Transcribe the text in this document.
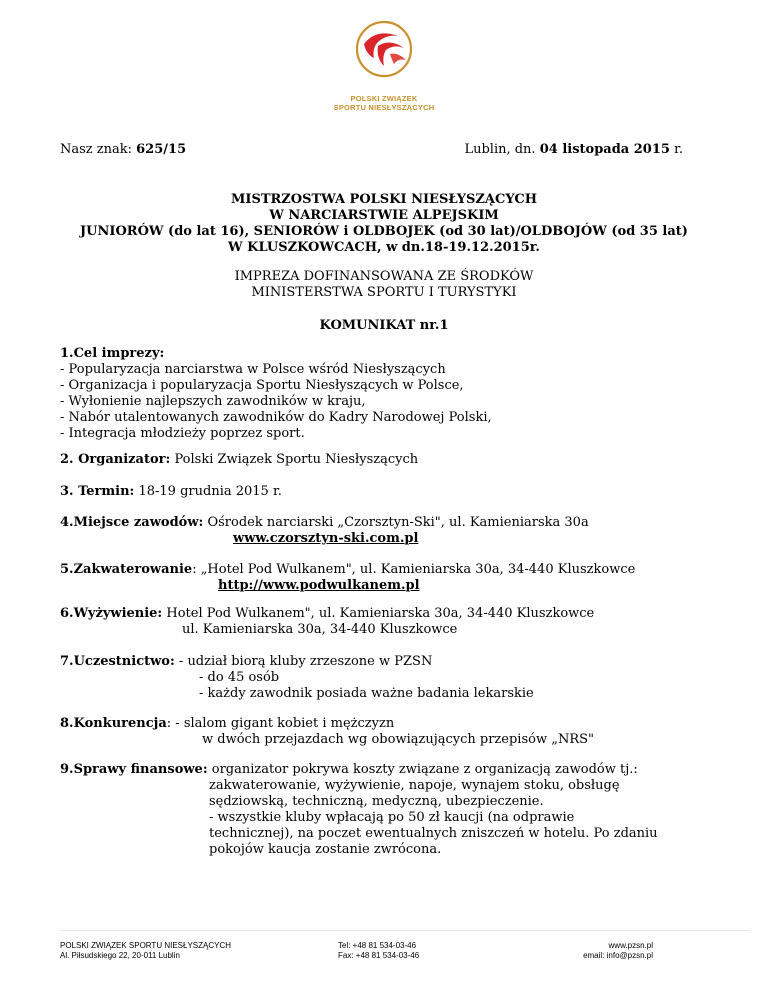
POLSKI ZWIĄZEK
SPORTU NIESŁYSZĄCYCH
Nasz znak: 625/15	Lublin, dn. 04 listopada 2015 r.
MISTRZOSTWA POLSKI NIESŁYSZĄCYCH
W NARCIARSTWIE ALPEJSKIM
JUNIORÓW (do lat 16), SENIORÓW i OLDBOJEK (od 30 lat)/OLDBOJÓW (od 35 lat)
W KLUSZKOWCACH, w dn.18-19.12.2015r.
IMPREZA DOFINANSOWANA ZE ŚRODKÓW
MINISTERSTWA SPORTU I TURYSTYKI
KOMUNIKAT nr.1
1.Cel imprezy:
- Popularyzacja narciarstwa w Polsce wśród Niesłyszących
- Organizacja i popularyzacja Sportu Niesłyszących w Polsce,
- Wyłonienie najlepszych zawodników w kraju,
- Nabór utalentowanych zawodników do Kadry Narodowej Polski,
- Integracja młodzieży poprzez sport.
2. Organizator: Polski Związek Sportu Niesłyszących
3. Termin: 18-19 grudnia 2015 r.
4.Miejsce zawodów: Ośrodek narciarski „Czorsztyn-Ski", ul. Kamieniarska 30a
www.czorsztyn-ski.com.pl
5.Zakwaterowanie: „Hotel Pod Wulkanem", ul. Kamieniarska 30a, 34-440 Kluszkowce
http://www.podwulkanem.pl
6.Wyżywienie: Hotel Pod Wulkanem", ul. Kamieniarska 30a, 34-440 Kluszkowce
ul. Kamieniarska 30a, 34-440 Kluszkowce
7.Uczestnictwo: - udział biorą kluby zrzeszone w PZSN
- do 45 osób
- każdy zawodnik posiada ważne badania lekarskie
8.Konkurencja: - slalom gigant kobiet i mężczyzn
w dwóch przejazdach wg obowiązujących przepisów „NRS"
9.Sprawy finansowe: organizator pokrywa koszty związane z organizacją zawodów tj.:
zakwaterowanie, wyżywienie, napoje, wynajem stoku, obsługę
sędziowską, techniczną, medyczną, ubezpieczenie.
- wszystkie kluby wpłacają po 50 zł kaucji (na odprawie
technicznej), na poczet ewentualnych zniszczeń w hotelu. Po zdaniu
pokojów kaucja zostanie zwrócona.
POLSKI ZWIĄZEK SPORTU NIESŁYSZĄCYCH
Al. Piłsudskiego 22, 20-011 Lublin
Tel: +48 81 534-03-46
Fax: +48 81 534-03-46
www.pzsn.pl
email: info@pzsn.pl
